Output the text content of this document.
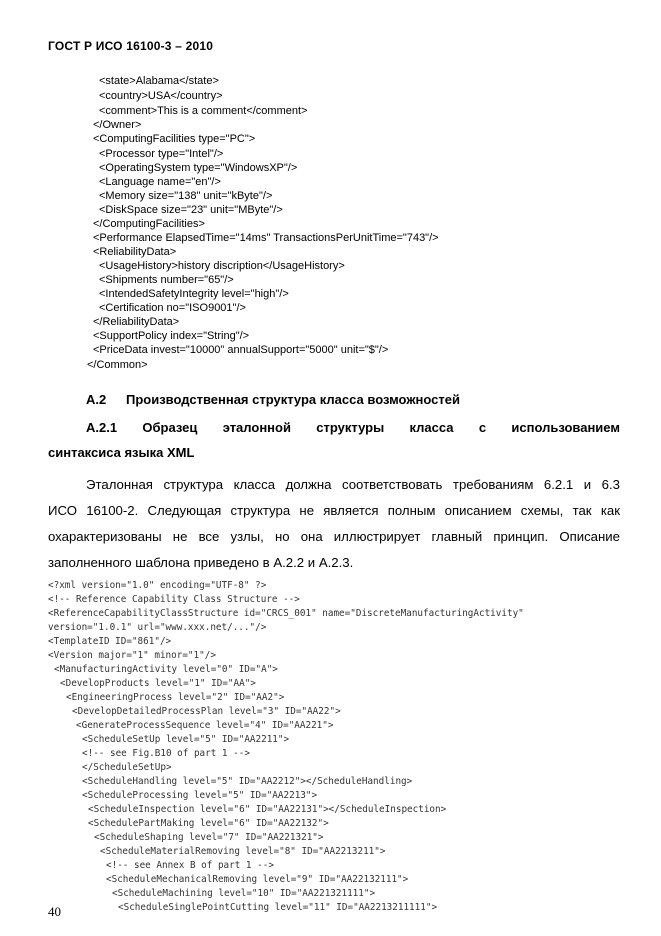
ГОСТ Р ИСО 16100-3 – 2010
<state>Alabama</state>
<country>USA</country>
<comment>This is a comment</comment>
</Owner>
<ComputingFacilities type="PC">
<Processor type="Intel"/>
<OperatingSystem type="WindowsXP"/>
<Language name="en"/>
<Memory size="138" unit="kByte"/>
<DiskSpace size="23" unit="MByte"/>
</ComputingFacilities>
<Performance ElapsedTime="14ms" TransactionsPerUnitTime="743"/>
<ReliabilityData>
<UsageHistory>history discription</UsageHistory>
<Shipments number="65"/>
<IntendedSafetyIntegrity level="high"/>
<Certification no="ISO9001"/>
</ReliabilityData>
<SupportPolicy index="String"/>
<PriceData invest="10000" annualSupport="5000" unit="$"/>
</Common>
A.2 Производственная структура класса возможностей
A.2.1 Образец эталонной структуры класса с использованием
синтаксиса языка XML
Эталонная структура класса должна соответствовать требованиям 6.2.1 и 6.3
ИСО 16100-2. Следующая структура не является полным описанием схемы, так как
охарактеризованы не все узлы, но она иллюстрирует главный принцип. Описание
заполненного шаблона приведено в A.2.2 и A.2.3.
<?xml version="1.0" encoding="UTF-8" ?>
<!-- Reference Capability Class Structure -->
<ReferenceCapabilityClassStructure id="CRCS_001" name="DiscreteManufacturingActivity"
version="1.0.1" url="www.xxx.net/..."/>
<TemplateID ID="861"/>
<Version major="1" minor="1"/>
<ManufacturingActivity level="0" ID="A">
<DevelopProducts level="1" ID="AA">
<EngineeringProcess level="2" ID="AA2">
<DevelopDetailedProcessPlan level="3" ID="AA22">
<GenerateProcessSequence level="4" ID="AA221">
<ScheduleSetUp level="5" ID="AA2211">
<!-- see Fig.B10 of part 1 -->
</ScheduleSetUp>
<ScheduleHandling level="5" ID="AA2212"></ScheduleHandling>
<ScheduleProcessing level="5" ID="AA2213">
<ScheduleInspection level="6" ID="AA22131"></ScheduleInspection>
<SchedulePartMaking level="6" ID="AA22132">
<ScheduleShaping level="7" ID="AA221321">
<ScheduleMaterialRemoving level="8" ID="AA2213211">
<!-- see Annex B of part 1 -->
<ScheduleMechanicalRemoving level="9" ID="AA22132111">
<ScheduleMachining level="10" ID="AA221321111">
<ScheduleSinglePointCutting level="11" ID="AA2213211111">
40
